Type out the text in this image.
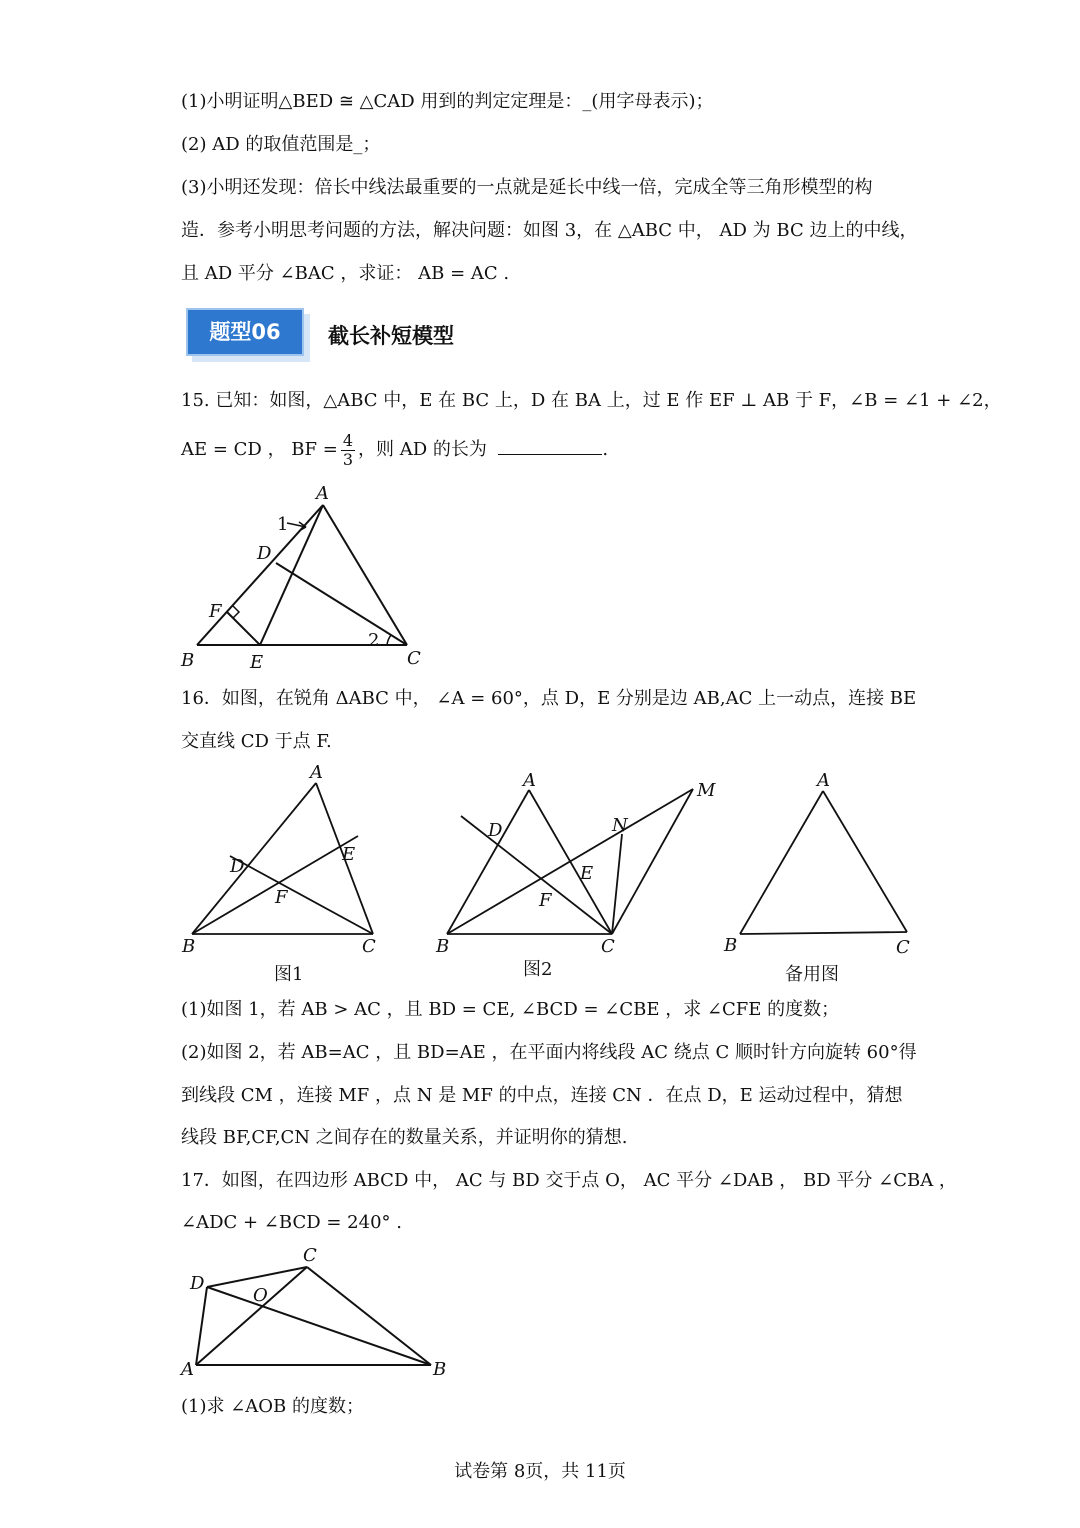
(1)小明证明△BED ≅ △CAD 用到的判定定理是：_(用字母表示)；
(2) AD 的取值范围是_；
(3)小明还发现：倍长中线法最重要的一点就是延长中线一倍，完成全等三角形模型的构
造．参考小明思考问题的方法，解决问题：如图 3，在 △ABC 中， AD 为 BC 边上的中线，
且 AD 平分 ∠BAC ，求证： AB = AC .
题型06	截长补短模型
15. 已知：如图，△ABC 中，E 在 BC 上，D 在 BA 上，过 E 作 EF ⊥ AB 于 F，∠B = ∠1 + ∠2，
AE = CD ， BF = $\frac{4}{3}$ ，则 AD 的长为	.
A
B	C
D
E
F
1
2
16．如图，在锐角 ΔABC 中， ∠A = 60°，点 D，E 分别是边 AB,AC 上一动点，连接 BE
交直线 CD 于点 F.
A
B	C
D
E
F
图1
A
B	C
D
E
F
M
N
图2
A
B	C
备用图
(1)如图 1，若 AB > AC ，且 BD = CE, ∠BCD = ∠CBE ，求 ∠CFE 的度数；
(2)如图 2，若 AB=AC ，且 BD=AE ，在平面内将线段 AC 绕点 C 顺时针方向旋转 60°得
到线段 CM ，连接 MF ，点 N 是 MF 的中点，连接 CN ．在点 D，E 运动过程中，猜想
线段 BF,CF,CN 之间存在的数量关系，并证明你的猜想.
17．如图，在四边形 ABCD 中， AC 与 BD 交于点 O， AC 平分 ∠DAB ， BD 平分 ∠CBA ，
∠ADC + ∠BCD = 240° .
A	B
C
D
O
(1)求 ∠AOB 的度数；
试卷第 8页，共 11页
